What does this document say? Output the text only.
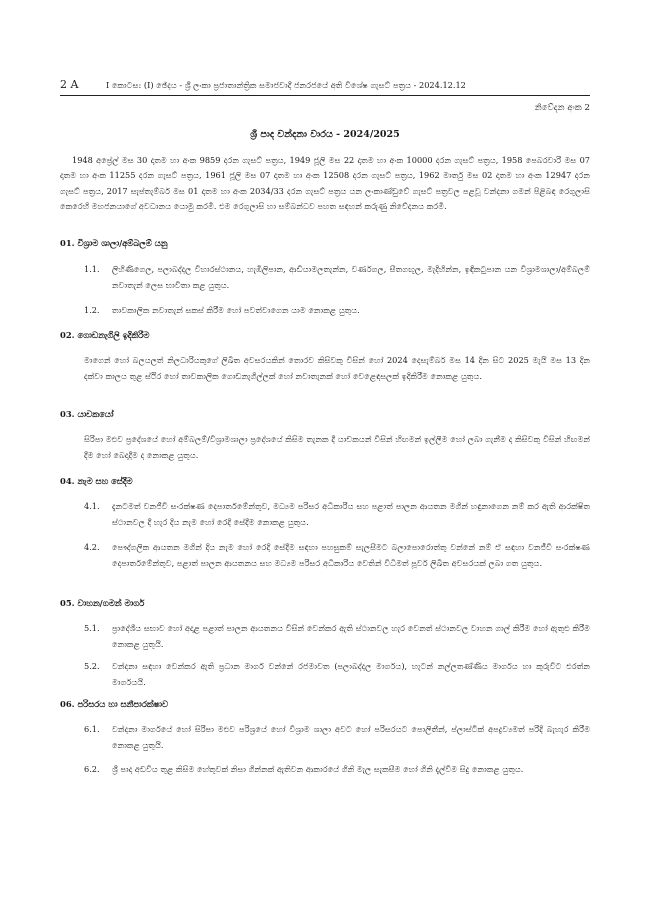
2 A	I කොටස: (I) ඡේදය - ශ්‍රී ලංකා ප්‍රජාතාන්ත්‍රික සමාජවාදී ජනරජයේ අති විශේෂ ගැසට් පත්‍රය - 2024.12.12
නිවේදන අංක 2
ශ්‍රී පාද වන්දනා වාරය - 2024/2025
1948 අප්‍රේල් මස 30 දාතම හා අංක 9859 දරන ගැසට් පත්‍රය, 1949 ජූලි මස 22 දාතම හා අංක 10000 දරන ගැසට් පත්‍රය, 1958 පෙබරවාරි මස 07 දාතම හා අංක 11255 දරන ගැසට් පත්‍රය, 1961 ජූලි මස 07 දාතම හා අංක 12508 දරන ගැසට් පත්‍රය, 1962 මාර්තු මස 02 දාතම හා අංක 12947 දරන ගැසට් පත්‍රය, 2017 සැප්තැම්බර් මස 01 දාතම හා අංක 2034/33 දරන ගැසට් පත්‍රය යන ලංකාණ්ඩුවේ ගැසට් පත්‍රවල පළවූ වන්දනා ගමන් පිළිබඳ රෙගුලාසි කෙරෙහි මහජනයාගේ අවධානය යොමු කරමි. එම රෙගුලාසි හා සම්බන්ධව පහත සඳහන් කරුණු නිවේදනය කරමි.
01. විශ්‍රාම ශාලා/අම්බලම් යනු
1.1.	ලිහිණිගෙල, පලාබද්දල විහාරස්ථානය, හැඹිලිපාන, ආඩියාමලතැන්න, වර්ණගල, සීතගඟුල, මැදිහින්න, ඉඳිකටුපාන යන විශ්‍රාමශාලා/අම්බලම් නවාතැන් ලෙස භාවිතා කළ යුතුය.
1.2.	තාවකාලික නවාතැන් සකස් කිරීම හෝ පවත්වාගෙන යාම නොකළ යුතුය.
02. ගොඩනැගිලි ඉදිකිරීම
මාගෙන් හෝ බලයලත් නිලධාරියකුගේ ලිඛිත අවසරයකින් තොරව කිසිවකු විසින් හෝ 2024 දෙසැම්බර් මස 14 දින සිට 2025 මැයි මස 13 දින දක්වා කාලය තුළ ස්ථිර හෝ තාවකාලික ගොඩනැගිල්ලක් හෝ නවාතැනක් හෝ වෙළෙඳසලක් ඉදිකිරීම නොකළ යුතුය.
03. යාචකයෝ
සිරිපා මළුව ප්‍රදේශයේ හෝ අම්බලම්/විශ්‍රාමශාලා ප්‍රදේශයේ කිසිම තැනක දී යාචකයන් විසින් හිඟමන් ඉල්ලීම හෝ ලබා ගැනීම ද කිසිවකු විසින් හිඟමන් දීම හෝ බෙදාදීම ද නොකළ යුතුය.
04. නැම සහ සේදීම
4.1.	දැනටමත් වනජීවී සංරක්ෂණ දෙපාර්තමේන්තුව, මධ්‍යම පරිසර අධිකාරිය සහ පළාත් පාලන ආයතන මගින් හඳුනාගෙන නම් කර ඇති ආරක්ෂිත ස්ථානවල දී හැර දිය නැම හෝ රෙදි සේදීම නොකළ යුතුය.
4.2.	පෞද්ගලික ආයතන මගින් දිය නැම හෝ රෙදි සේදීම සඳහා පහසුකම් සැලසීමට බලාපොරොත්තු වන්නේ නම් ඒ සඳහා වනජීවී සංරක්ෂණ දෙපාර්තමේන්තුව, පළාත් පාලන ආයතනය සහ මධ්‍යම පරිසර අධිකාරිය වෙතින් විධිමත් පූර්ව ලිඛිත අවසරයක් ලබා ගත යුතුය.
05. වාහන/ගමන් මාර්ග
5.1.	ප්‍රාදේශීය සභාව හෝ අදාළ පළාත් පාලන ආයතනය විසින් වෙන්කර ඇති ස්ථානවල හැර වෙනත් ස්ථානවල වාහන ගාල් කිරීම හෝ ඇතුළු කිරීම නොකළ යුතුයි.
5.2.	වන්දනා සඳහා වෙන්කර ඇති ප්‍රධාන මාර්ග වන්නේ රජමාවත (පලාබද්දල මාර්ගය), හැටන් නල්ලතණ්ණිය මාර්ගය හා කුරුවිට එරත්න මාර්ගයයි.
06. පරිසරය හා සනීපාරක්ෂාව
6.1.	වන්දනා මාර්ගයේ හෝ සිරිපා මළුව පරිශ්‍රයේ හෝ විශ්‍රාම ශාලා අවට හෝ පරිසරයට පොලිතීන්, ප්ලාස්ටික් අපද්‍රව්‍යමත් පරිදි බැහැර කිරීම නොකළ යුතුයි.
6.2.	ශ්‍රී පාද අඩවිය තුළ කිසිම හේතුවක් නිසා ගින්නක් ඇතිවන ආකාරයේ ගිනි මැල සැකසීම හෝ ගිනි දැල්වීම සිදු නොකළ යුතුය.
